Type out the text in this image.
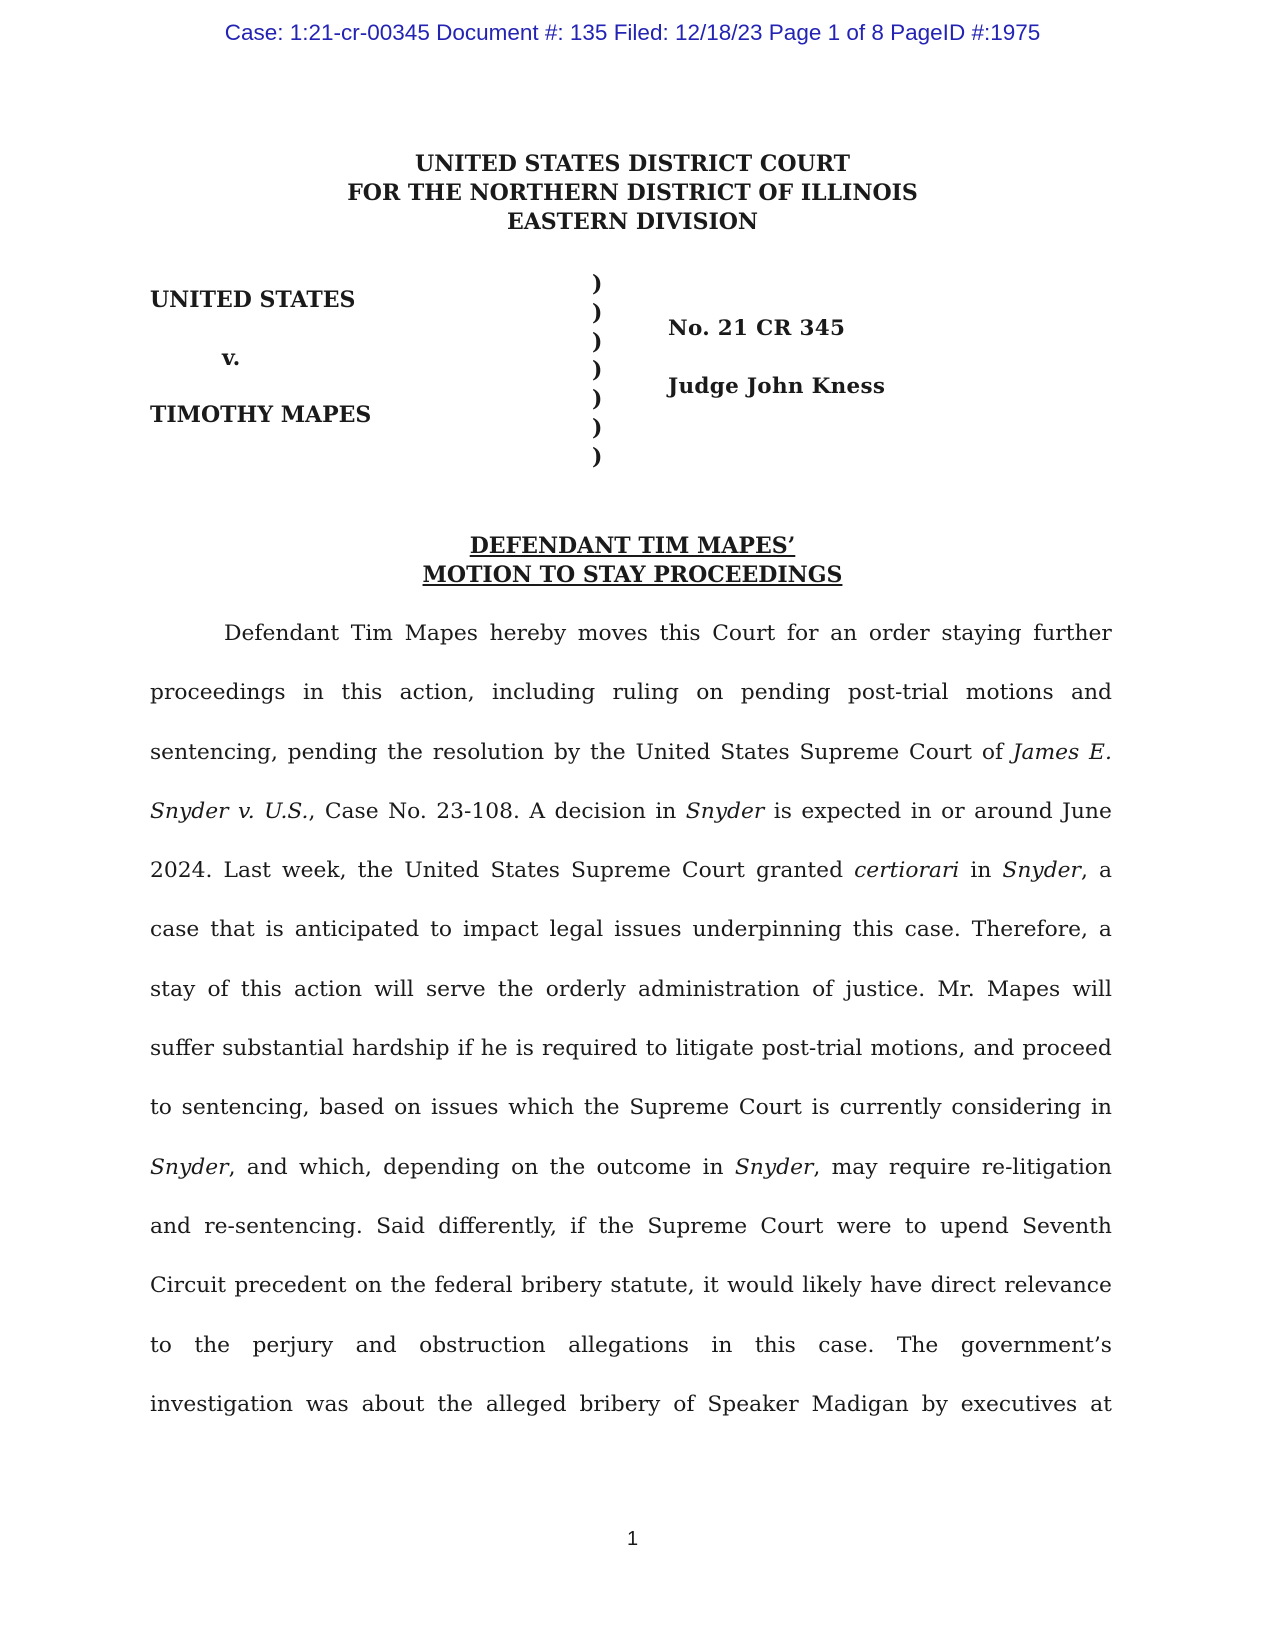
Case: 1:21-cr-00345 Document #: 135 Filed: 12/18/23 Page 1 of 8 PageID #:1975
UNITED STATES DISTRICT COURT
FOR THE NORTHERN DISTRICT OF ILLINOIS
EASTERN DIVISION
UNITED STATES
v.
TIMOTHY MAPES
)
)
)
)
)
)
)
No. 21 CR 345
Judge John Kness
DEFENDANT TIM MAPES’
MOTION TO STAY PROCEEDINGS
Defendant Tim Mapes hereby moves this Court for an order staying further
proceedings in this action, including ruling on pending post-trial motions and
sentencing, pending the resolution by the United States Supreme Court of James E.
Snyder v. U.S., Case No. 23-108. A decision in Snyder is expected in or around June
2024. Last week, the United States Supreme Court granted certiorari in Snyder, a
case that is anticipated to impact legal issues underpinning this case. Therefore, a
stay of this action will serve the orderly administration of justice. Mr. Mapes will
suffer substantial hardship if he is required to litigate post-trial motions, and proceed
to sentencing, based on issues which the Supreme Court is currently considering in
Snyder, and which, depending on the outcome in Snyder, may require re-litigation
and re-sentencing. Said differently, if the Supreme Court were to upend Seventh
Circuit precedent on the federal bribery statute, it would likely have direct relevance
to the perjury and obstruction allegations in this case. The government’s
investigation was about the alleged bribery of Speaker Madigan by executives at
1
